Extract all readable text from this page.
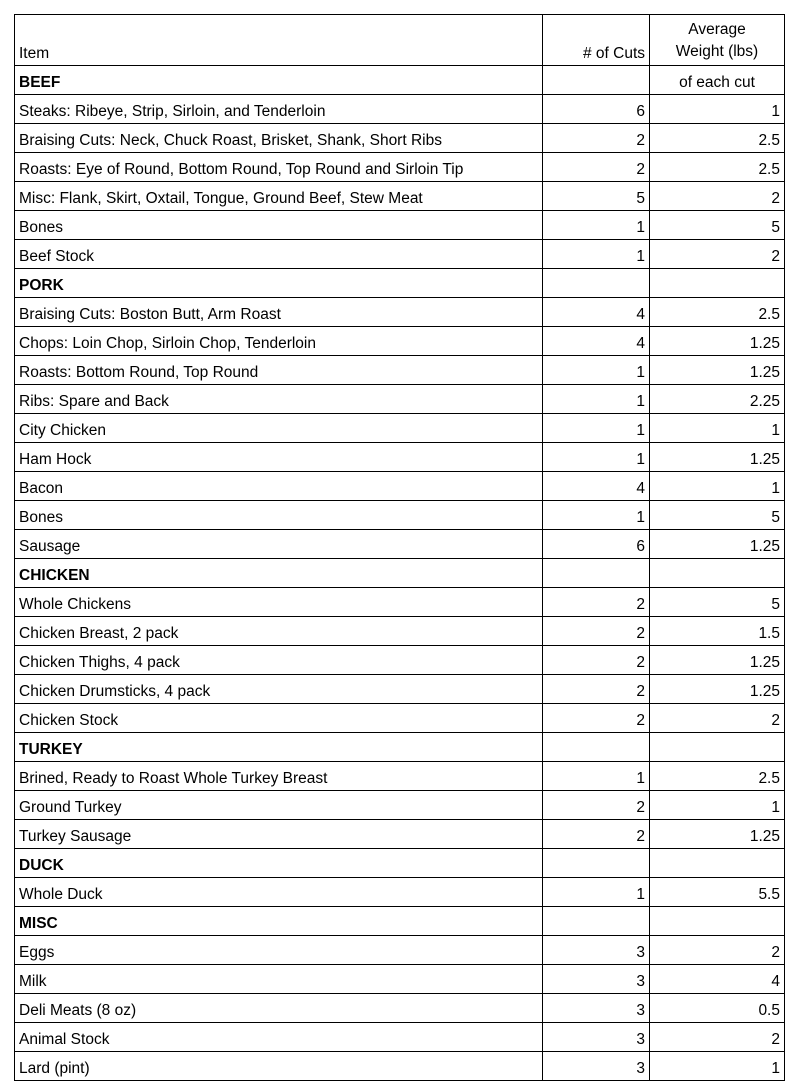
Item	# of Cuts	Average
Weight (lbs)
BEEF		of each cut
Steaks: Ribeye, Strip, Sirloin, and Tenderloin	6	1
Braising Cuts: Neck, Chuck Roast, Brisket, Shank, Short Ribs	2	2.5
Roasts: Eye of Round, Bottom Round, Top Round and Sirloin Tip	2	2.5
Misc: Flank, Skirt, Oxtail, Tongue, Ground Beef, Stew Meat	5	2
Bones	1	5
Beef Stock	1	2
PORK		
Braising Cuts: Boston Butt, Arm Roast	4	2.5
Chops: Loin Chop, Sirloin Chop, Tenderloin	4	1.25
Roasts: Bottom Round, Top Round	1	1.25
Ribs: Spare and Back	1	2.25
City Chicken	1	1
Ham Hock	1	1.25
Bacon	4	1
Bones	1	5
Sausage	6	1.25
CHICKEN		
Whole Chickens	2	5
Chicken Breast, 2 pack	2	1.5
Chicken Thighs, 4 pack	2	1.25
Chicken Drumsticks, 4 pack	2	1.25
Chicken Stock	2	2
TURKEY		
Brined, Ready to Roast Whole Turkey Breast	1	2.5
Ground Turkey	2	1
Turkey Sausage	2	1.25
DUCK		
Whole Duck	1	5.5
MISC		
Eggs	3	2
Milk	3	4
Deli Meats (8 oz)	3	0.5
Animal Stock	3	2
Lard (pint)	3	1
